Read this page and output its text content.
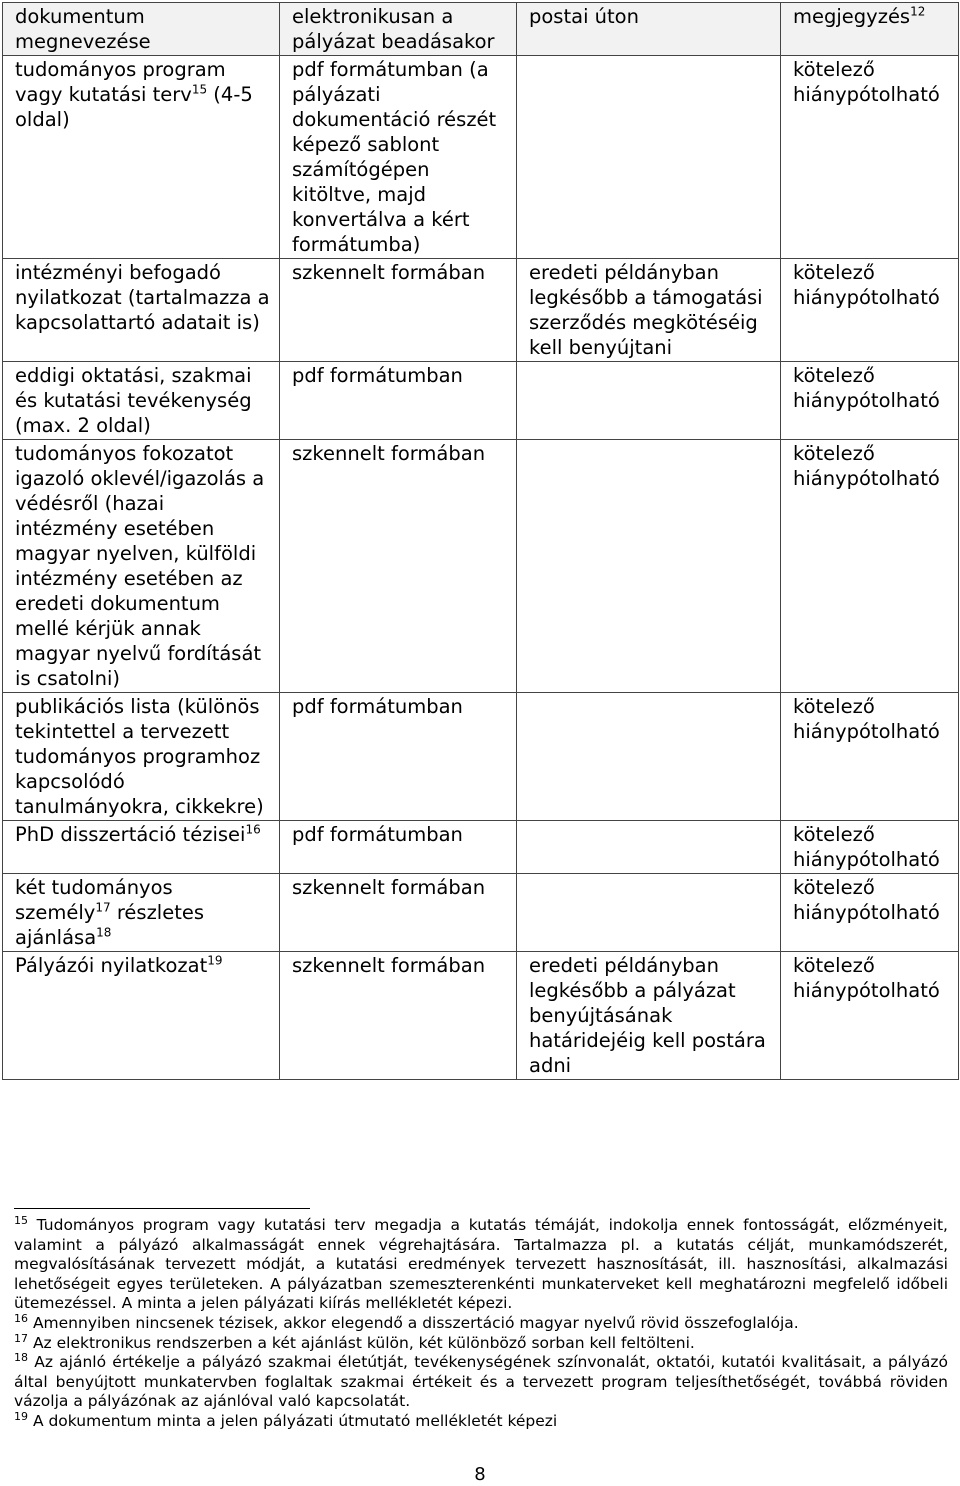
dokumentum megnevezése	elektronikusan a pályázat beadásakor	postai úton	megjegyzés$^{12}$
tudományos program vagy kutatási terv$^{15}$ (4-5 oldal)	pdf formátumban (a pályázati dokumentáció részét képező sablont számítógépen kitöltve, majd konvertálva a kért formátumba)		kötelező hiánypótolható
intézményi befogadó nyilatkozat (tartalmazza a kapcsolattartó adatait is)	szkennelt formában	eredeti példányban legkésőbb a támogatási szerződés megkötéséig kell benyújtani	kötelező hiánypótolható
eddigi oktatási, szakmai és kutatási tevékenység (max. 2 oldal)	pdf formátumban		kötelező hiánypótolható
tudományos fokozatot igazoló oklevél/igazolás a védésről (hazai intézmény esetében magyar nyelven, külföldi intézmény esetében az eredeti dokumentum mellé kérjük annak magyar nyelvű fordítását is csatolni)	szkennelt formában		kötelező hiánypótolható
publikációs lista (különös tekintettel a tervezett tudományos programhoz kapcsolódó tanulmányokra, cikkekre)	pdf formátumban		kötelező hiánypótolható
PhD disszertáció tézisei$^{16}$	pdf formátumban		kötelező hiánypótolható
két tudományos személy$^{17}$ részletes ajánlása$^{18}$	szkennelt formában		kötelező hiánypótolható
Pályázói nyilatkozat$^{19}$	szkennelt formában	eredeti példányban legkésőbb a pályázat benyújtásának határidejéig kell postára adni	kötelező hiánypótolható

$^{15}$ Tudományos program vagy kutatási terv megadja a kutatás témáját, indokolja ennek fontosságát, előzményeit, valamint a pályázó alkalmasságát ennek végrehajtására. Tartalmazza pl. a kutatás célját, munkamódszerét, megvalósításának tervezett módját, a kutatási eredmények tervezett hasznosítását, ill. hasznosítási, alkalmazási lehetőségeit egyes területeken. A pályázatban szemeszterenkénti munkaterveket kell meghatározni megfelelő időbeli ütemezéssel. A minta a jelen pályázati kiírás mellékletét képezi.

$^{16}$ Amennyiben nincsenek tézisek, akkor elegendő a disszertáció magyar nyelvű rövid összefoglalója.

$^{17}$ Az elektronikus rendszerben a két ajánlást külön, két különböző sorban kell feltölteni.

$^{18}$ Az ajánló értékelje a pályázó szakmai életútját, tevékenységének színvonalát, oktatói, kutatói kvalitásait, a pályázó által benyújtott munkatervben foglaltak szakmai értékeit és a tervezett program teljesíthetőségét, továbbá röviden vázolja a pályázónak az ajánlóval való kapcsolatát.

$^{19}$ A dokumentum minta a jelen pályázati útmutató mellékletét képezi

8
